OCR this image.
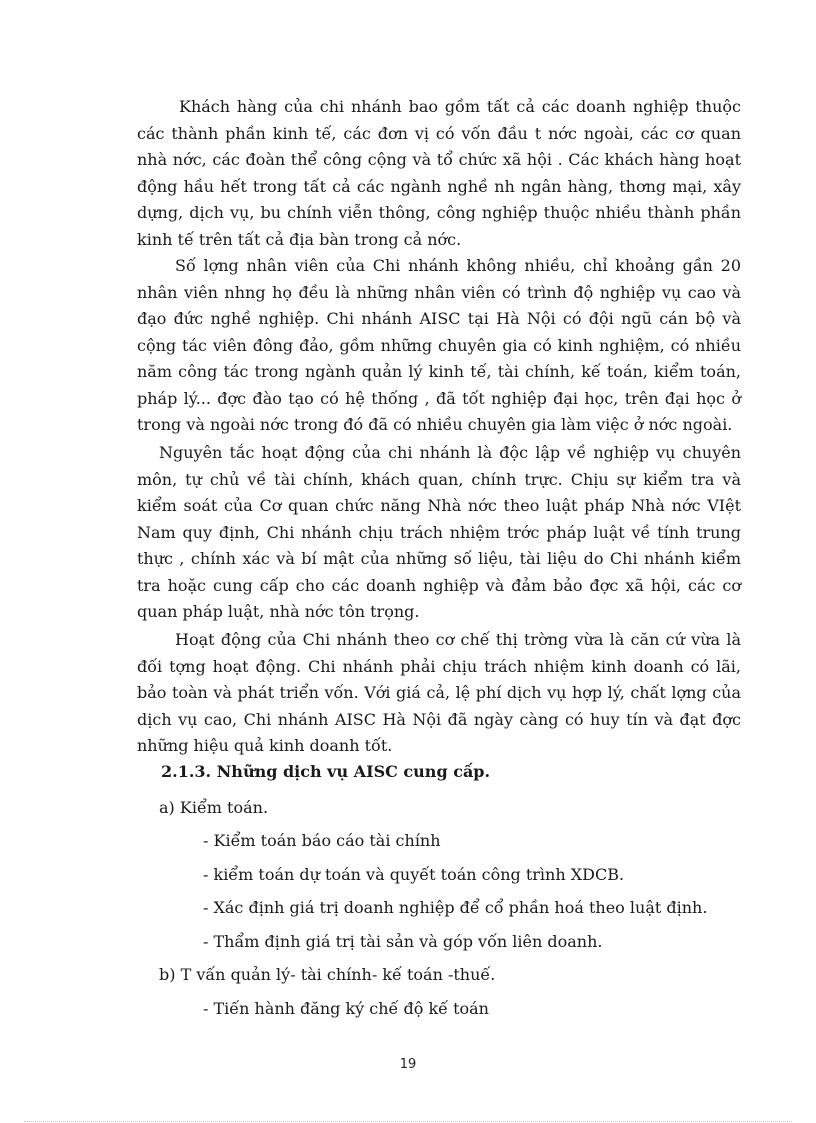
Khách hàng của chi nhánh bao gồm tất cả các doanh nghiệp thuộc các thành phần kinh tế, các đơn vị có vốn đầu t nớc ngoài, các cơ quan nhà nớc, các đoàn thể công cộng và tổ chức xã hội . Các khách hàng hoạt động hầu hết trong tất cả các ngành nghề nh ngân hàng, thơng mại, xây dựng, dịch vụ, bu chính viễn thông, công nghiệp thuộc nhiều thành phần kinh tế trên tất cả địa bàn trong cả nớc.

Số lợng nhân viên của Chi nhánh không nhiều, chỉ khoảng gần 20 nhân viên nhng họ đều là những nhân viên có trình độ nghiệp vụ cao và đạo đức nghề nghiệp. Chi nhánh AISC tại Hà Nội có đội ngũ cán bộ và cộng tác viên đông đảo, gồm những chuyên gia có kinh nghiệm, có nhiều năm công tác trong ngành quản lý kinh tế, tài chính, kế toán, kiểm toán, pháp lý... đợc đào tạo có hệ thống , đã tốt nghiệp đại học, trên đại học ở trong và ngoài nớc trong đó đã có nhiều chuyên gia làm việc ở nớc ngoài.

Nguyên tắc hoạt động của chi nhánh là độc lập về nghiệp vụ chuyên môn, tự chủ về tài chính, khách quan, chính trực. Chịu sự kiểm tra và kiểm soát của Cơ quan chức năng Nhà nớc theo luật pháp Nhà nớc VIệt Nam quy định, Chi nhánh chịu trách nhiệm trớc pháp luật về tính trung thực , chính xác và bí mật của những số liệu, tài liệu do Chi nhánh kiểm tra hoặc cung cấp cho các doanh nghiệp và đảm bảo đợc xã hội, các cơ quan pháp luật, nhà nớc tôn trọng.

Hoạt động của Chi nhánh theo cơ chế thị trờng vừa là căn cứ vừa là đối tợng hoạt động. Chi nhánh phải chịu trách nhiệm kinh doanh có lãi, bảo toàn và phát triển vốn. Với giá cả, lệ phí dịch vụ hợp lý, chất lợng của dịch vụ cao, Chi nhánh AISC Hà Nội đã ngày càng có huy tín và đạt đợc những hiệu quả kinh doanh tốt.

2.1.3. Những dịch vụ AISC cung cấp.

a) Kiểm toán.

- Kiểm toán báo cáo tài chính

- kiểm toán dự toán và quyết toán công trình XDCB.

- Xác định giá trị doanh nghiệp để cổ phần hoá theo luật định.

- Thẩm định giá trị tài sản và góp vốn liên doanh.

b) T vấn quản lý- tài chính- kế toán -thuế.

- Tiến hành đăng ký chế độ kế toán

19
